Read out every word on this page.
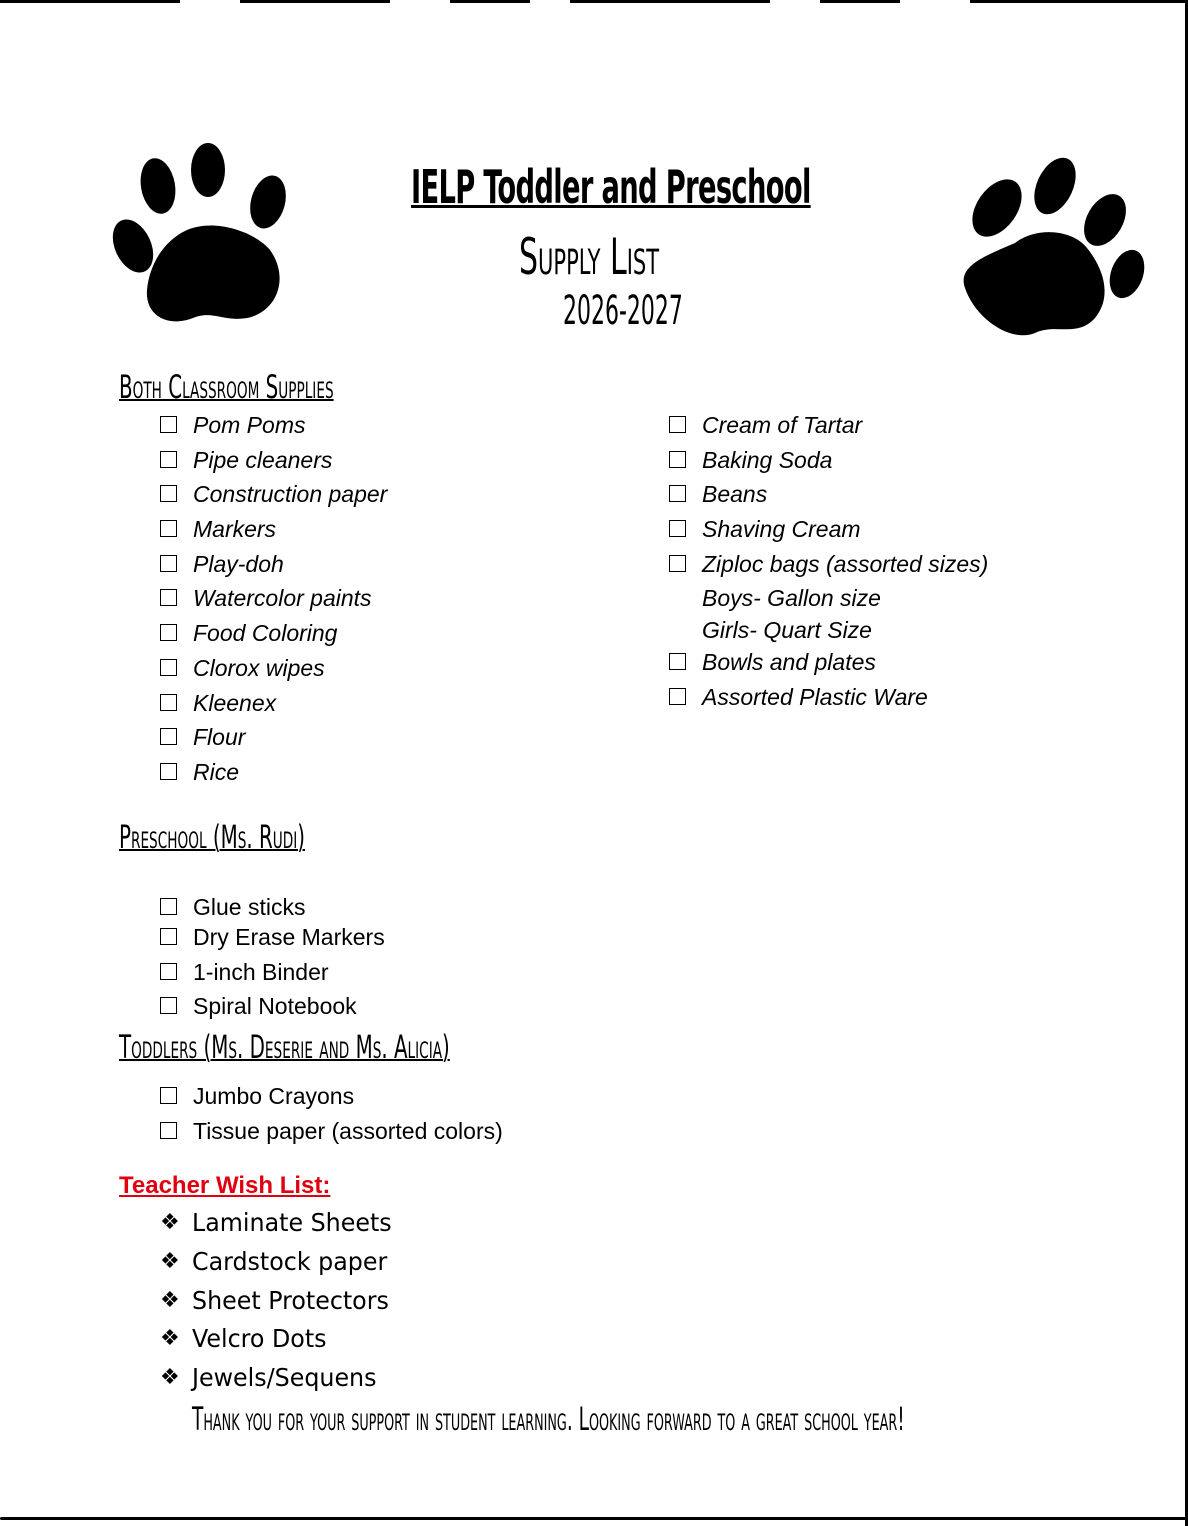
IELP Toddler and Preschool
Supply List
2026-2027
Both Classroom Supplies
Pom Poms
Pipe cleaners
Construction paper
Markers
Play-doh
Watercolor paints
Food Coloring
Clorox wipes
Kleenex
Flour
Rice
Cream of Tartar
Baking Soda
Beans
Shaving Cream
Ziploc bags (assorted sizes)
Boys- Gallon size
Girls- Quart Size
Bowls and plates
Assorted Plastic Ware
Preschool (Ms. Rudi)
Glue sticks
Dry Erase Markers
1-inch Binder
Spiral Notebook
Toddlers (Ms. Deserie and Ms. Alicia)
Jumbo Crayons
Tissue paper (assorted colors)
Teacher Wish List:
❖ Laminate Sheets
❖ Cardstock paper
❖ Sheet Protectors
❖ Velcro Dots
❖ Jewels/Sequens
Thank you for your support in student learning. Looking forward to a great school year!
